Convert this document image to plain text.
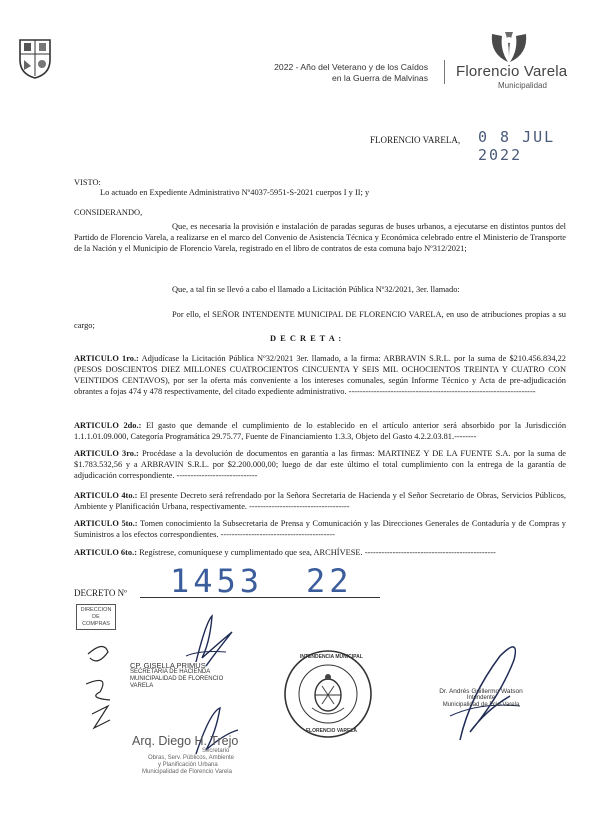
2022 - Año del Veterano y de los Caídos
en la Guerra de Malvinas Florencio Varela
Municipalidad
FLORENCIO VARELA, 0 8 JUL 2022
VISTO:
Lo actuado en Expediente Administrativo Nº4037-5951-S-2021 cuerpos I y II; y
CONSIDERANDO,
Que, es necesaria la provisión e instalación de paradas seguras de buses urbanos, a ejecutarse en distintos puntos del Partido de Florencio Varela, a realizarse en el marco del Convenio de Asistencia Técnica y Económica celebrado entre el Ministerio de Transporte de la Nación y el Municipio de Florencio Varela, registrado en el libro de contratos de esta comuna bajo Nº312/2021;
Que, a tal fin se llevó a cabo el llamado a Licitación Pública Nº32/2021, 3er. llamado:
Por ello, el SEÑOR INTENDENTE MUNICIPAL DE FLORENCIO VARELA, en uso de atribuciones propias a su cargo;
D E C R E T A :
ARTICULO 1ro.: Adjudícase la Licitación Pública Nº32/2021 3er. llamado, a la firma: ARBRAVIN S.R.L. por la suma de $210.456.834,22 (PESOS DOSCIENTOS DIEZ MILLONES CUATROCIENTOS CINCUENTA Y SEIS MIL OCHOCIENTOS TREINTA Y CUATRO CON VEINTIDOS CENTAVOS), por ser la oferta más conveniente a los intereses comunales, según Informe Técnico y Acta de pre-adjudicación obrantes a fojas 474 y 478 respectivamente, del citado expediente administrativo. -------------------------------------------------------------------
ARTICULO 2do.: El gasto que demande el cumplimiento de lo establecido en el artículo anterior será absorbido por la Jurisdicción 1.1.1.01.09.000, Categoría Programática 29.75.77, Fuente de Financiamiento 1.3.3, Objeto del Gasto 4.2.2.03.81.--------
ARTICULO 3ro.: Procédase a la devolución de documentos en garantía a las firmas: MARTINEZ Y DE LA FUENTE S.A. por la suma de $1.783.532,56 y a ARBRAVIN S.R.L. por $2.200.000,00; luego de dar este último el total cumplimiento con la entrega de la garantía de adjudicación correspondiente. -----------------------------
ARTICULO 4to.: El presente Decreto será refrendado por la Señora Secretaria de Hacienda y el Señor Secretario de Obras, Servicios Públicos, Ambiente y Planificación Urbana, respectivamente. ------------------------------------
ARTICULO 5to.: Tomen conocimiento la Subsecretaria de Prensa y Comunicación y las Direcciones Generales de Contaduría y de Compras y Suministros a los efectos correspondientes. -----------------------------------------
ARTICULO 6to.: Regístrese, comuníquese y cumplimentado que sea, ARCHÍVESE. -----------------------------------------------
DECRETO Nº 1453 22
DIRECCION
DE
COMPRAS
CP. GISELLA PRIMUS
SECRETARIA DE HACIENDA
MUNICIPALIDAD DE FLORENCIO VARELA
INTENDENCIA MUNICIPAL
FLORENCIO VARELA
Dr. Andrés Guillermo Watson
Intendente
Municipalidad de Fcio.Varela
Arq. Diego H. Trejo
Secretario
Obras, Serv. Públicos, Ambiente
y Planificación Urbana
Municipalidad de Florencio Varela
